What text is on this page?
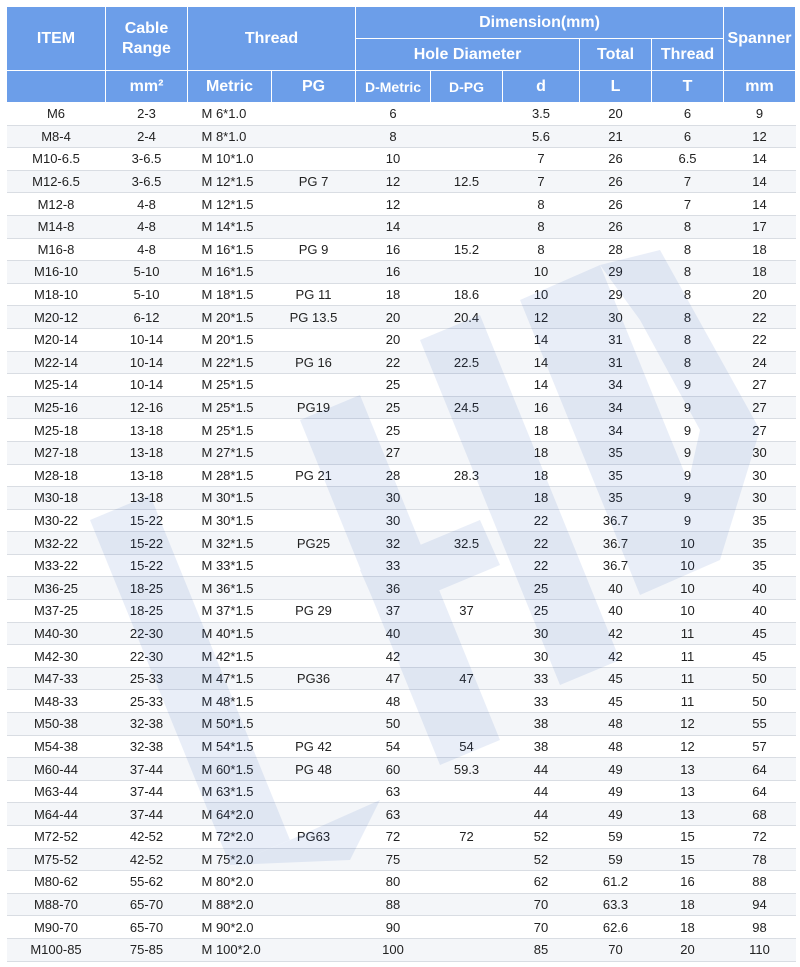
ITEM	Cable Range	Thread		Dimension(mm)					Spanner
				Hole Diameter			Total	Thread	
	mm²	Metric	PG	D-Metric	D-PG	d	L	T	mm
M6	2-3	M 6*1.0		6		3.5	20	6	9
M8-4	2-4	M 8*1.0		8		5.6	21	6	12
M10-6.5	3-6.5	M 10*1.0		10		7	26	6.5	14
M12-6.5	3-6.5	M 12*1.5	PG 7	12	12.5	7	26	7	14
M12-8	4-8	M 12*1.5		12		8	26	7	14
M14-8	4-8	M 14*1.5		14		8	26	8	17
M16-8	4-8	M 16*1.5	PG 9	16	15.2	8	28	8	18
M16-10	5-10	M 16*1.5		16		10	29	8	18
M18-10	5-10	M 18*1.5	PG 11	18	18.6	10	29	8	20
M20-12	6-12	M 20*1.5	PG 13.5	20	20.4	12	30	8	22
M20-14	10-14	M 20*1.5		20		14	31	8	22
M22-14	10-14	M 22*1.5	PG 16	22	22.5	14	31	8	24
M25-14	10-14	M 25*1.5		25		14	34	9	27
M25-16	12-16	M 25*1.5	PG19	25	24.5	16	34	9	27
M25-18	13-18	M 25*1.5		25		18	34	9	27
M27-18	13-18	M 27*1.5		27		18	35	9	30
M28-18	13-18	M 28*1.5	PG 21	28	28.3	18	35	9	30
M30-18	13-18	M 30*1.5		30		18	35	9	30
M30-22	15-22	M 30*1.5		30		22	36.7	9	35
M32-22	15-22	M 32*1.5	PG25	32	32.5	22	36.7	10	35
M33-22	15-22	M 33*1.5		33		22	36.7	10	35
M36-25	18-25	M 36*1.5		36		25	40	10	40
M37-25	18-25	M 37*1.5	PG 29	37	37	25	40	10	40
M40-30	22-30	M 40*1.5		40		30	42	11	45
M42-30	22-30	M 42*1.5		42		30	42	11	45
M47-33	25-33	M 47*1.5	PG36	47	47	33	45	11	50
M48-33	25-33	M 48*1.5		48		33	45	11	50
M50-38	32-38	M 50*1.5		50		38	48	12	55
M54-38	32-38	M 54*1.5	PG 42	54	54	38	48	12	57
M60-44	37-44	M 60*1.5	PG 48	60	59.3	44	49	13	64
M63-44	37-44	M 63*1.5		63		44	49	13	64
M64-44	37-44	M 64*2.0		63		44	49	13	68
M72-52	42-52	M 72*2.0	PG63	72	72	52	59	15	72
M75-52	42-52	M 75*2.0		75		52	59	15	78
M80-62	55-62	M 80*2.0		80		62	61.2	16	88
M88-70	65-70	M 88*2.0		88		70	63.3	18	94
M90-70	65-70	M 90*2.0		90		70	62.6	18	98
M100-85	75-85	M 100*2.0		100		85	70	20	110
